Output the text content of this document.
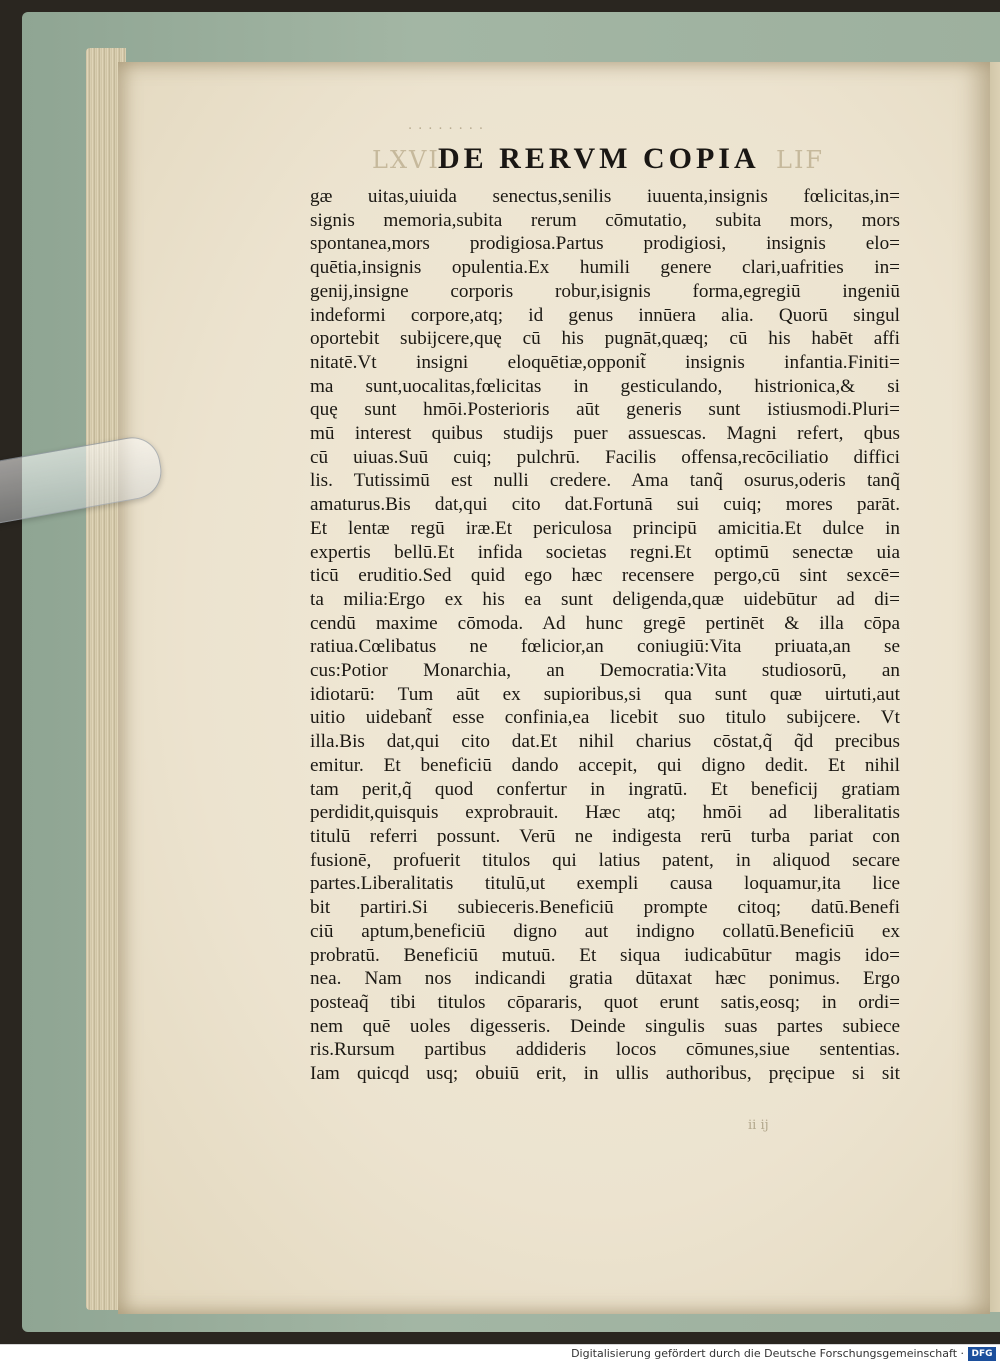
........
LXVI	LIF
DE RERVM COPIA
gæ uitas,uiuida senectus,senilis iuuenta,insignis fœlicitas,in=
signis memoria,subita rerum cōmutatio, subita mors, mors
spontanea,mors prodigiosa.Partus prodigiosi, insignis elo=
quētia,insignis opulentia.Ex humili genere clari,uafrities in=
genij,insigne corporis robur,isignis forma,egregiū ingeniū
indeformi corpore,atq; id genus innūera alia. Quorū singul
oportebit subijcere,quę cū his pugnāt,quæq; cū his habēt affi
nitatē.Vt insigni eloquētiæ,opponit̃ insignis infantia.Finiti=
ma sunt,uocalitas,fœlicitas in gesticulando, histrionica,& si
quę sunt hmōi.Posterioris aūt generis sunt istiusmodi.Pluri=
mū interest quibus studijs puer assuescas. Magni refert, qbus
cū uiuas.Suū cuiq; pulchrū. Facilis offensa,recōciliatio diffici
lis. Tutissimū est nulli credere. Ama tanq̃ osurus,oderis tanq̃
amaturus.Bis dat,qui cito dat.Fortunā sui cuiq; mores parāt.
Et lentæ regū iræ.Et periculosa principū amicitia.Et dulce in
expertis bellū.Et infida societas regni.Et optimū senectæ uia
ticū eruditio.Sed quid ego hæc recensere pergo,cū sint sexcē=
ta milia:Ergo ex his ea sunt deligenda,quæ uidebūtur ad di=
cendū maxime cōmoda. Ad hunc gregē pertinēt & illa cōpa
ratiua.Cœlibatus ne fœlicior,an coniugiū:Vita priuata,an se
cus:Potior Monarchia, an Democratia:Vita studiosorū, an
idiotarū: Tum aūt ex supioribus,si qua sunt quæ uirtuti,aut
uitio uidebant̃ esse confinia,ea licebit suo titulo subijcere. Vt
illa.Bis dat,qui cito dat.Et nihil charius cōstat,q̃ q̃d precibus
emitur. Et beneficiū dando accepit, qui digno dedit. Et nihil
tam perit,q̃ quod confertur in ingratū. Et beneficij gratiam
perdidit,quisquis exprobrauit. Hæc atq; hmōi ad liberalitatis
titulū referri possunt. Verū ne indigesta rerū turba pariat con
fusionē, profuerit titulos qui latius patent, in aliquod secare
partes.Liberalitatis titulū,ut exempli causa loquamur,ita lice
bit partiri.Si subieceris.Beneficiū prompte citoq; datū.Benefi
ciū aptum,beneficiū digno aut indigno collatū.Beneficiū ex
probratū. Beneficiū mutuū. Et siqua iudicabūtur magis ido=
nea. Nam nos indicandi gratia dūtaxat hæc ponimus. Ergo
posteaq̃ tibi titulos cōpararis, quot erunt satis,eosq; in ordi=
nem quē uoles digesseris. Deinde singulis suas partes subiece
ris.Rursum partibus addideris locos cōmunes,siue sententias.
Iam quicqd usq; obuiū erit, in ullis authoribus, pręcipue si sit
ii ij
Digitalisierung gefördert durch die Deutsche Forschungsgemeinschaft · DFG
